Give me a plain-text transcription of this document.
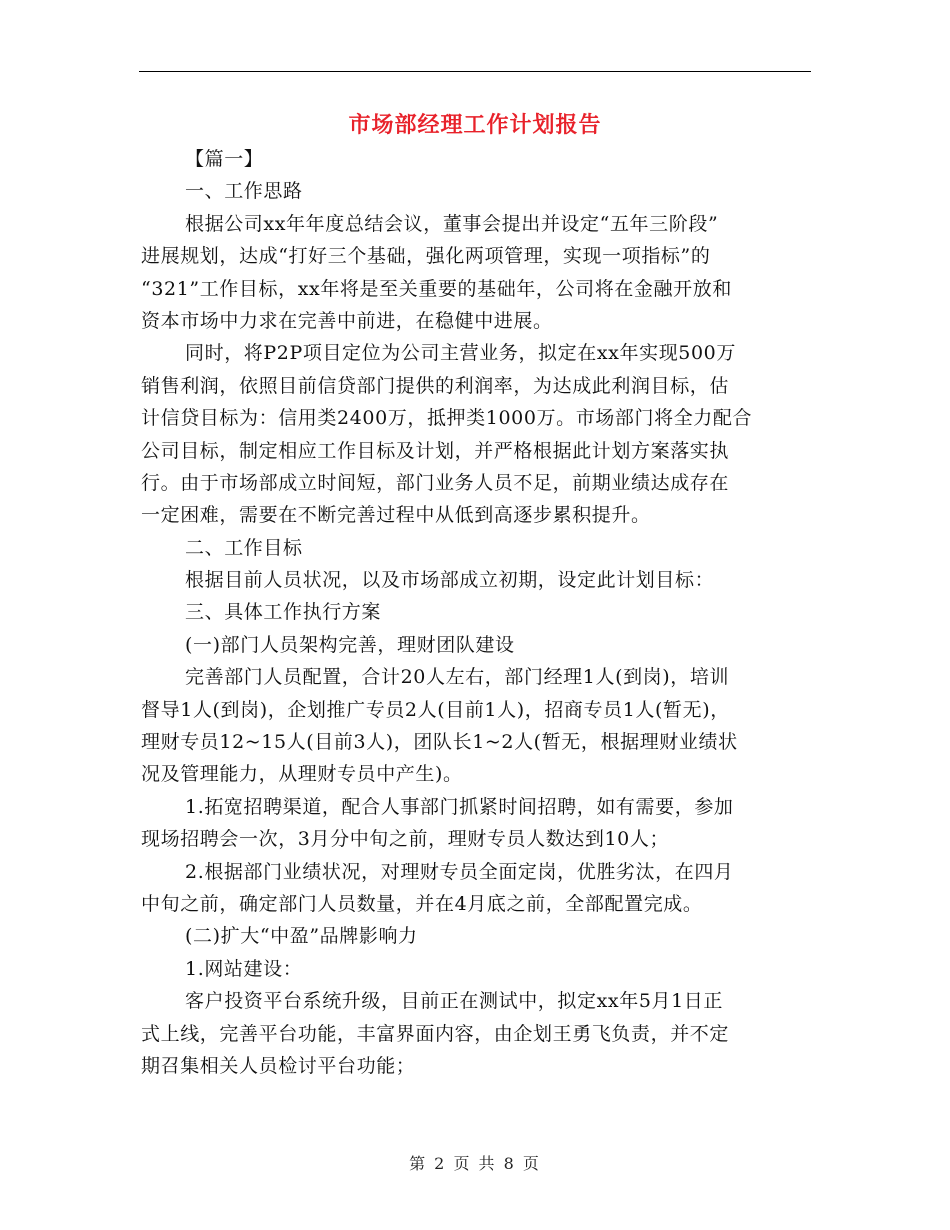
市场部经理工作计划报告
【篇一】
一、工作思路
根据公司xx年年度总结会议，董事会提出并设定“五年三阶段”
进展规划，达成“打好三个基础，强化两项管理，实现一项指标”的
“321”工作目标，xx年将是至关重要的基础年，公司将在金融开放和
资本市场中力求在完善中前进，在稳健中进展。
同时，将P2P项目定位为公司主营业务，拟定在xx年实现500万
销售利润，依照目前信贷部门提供的利润率，为达成此利润目标，估
计信贷目标为：信用类2400万，抵押类1000万。市场部门将全力配合
公司目标，制定相应工作目标及计划，并严格根据此计划方案落实执
行。由于市场部成立时间短，部门业务人员不足，前期业绩达成存在
一定困难，需要在不断完善过程中从低到高逐步累积提升。
二、工作目标
根据目前人员状况，以及市场部成立初期，设定此计划目标：
三、具体工作执行方案
(一)部门人员架构完善，理财团队建设
完善部门人员配置，合计20人左右，部门经理1人(到岗)，培训
督导1人(到岗)，企划推广专员2人(目前1人)，招商专员1人(暂无)，
理财专员12~15人(目前3人)，团队长1~2人(暂无，根据理财业绩状
况及管理能力，从理财专员中产生)。
1.拓宽招聘渠道，配合人事部门抓紧时间招聘，如有需要，参加
现场招聘会一次，3月分中旬之前，理财专员人数达到10人；
2.根据部门业绩状况，对理财专员全面定岗，优胜劣汰，在四月
中旬之前，确定部门人员数量，并在4月底之前，全部配置完成。
(二)扩大“中盈”品牌影响力
1.网站建设：
客户投资平台系统升级，目前正在测试中，拟定xx年5月1日正
式上线，完善平台功能，丰富界面内容，由企划王勇飞负责，并不定
期召集相关人员检讨平台功能；
第 2 页 共 8 页
